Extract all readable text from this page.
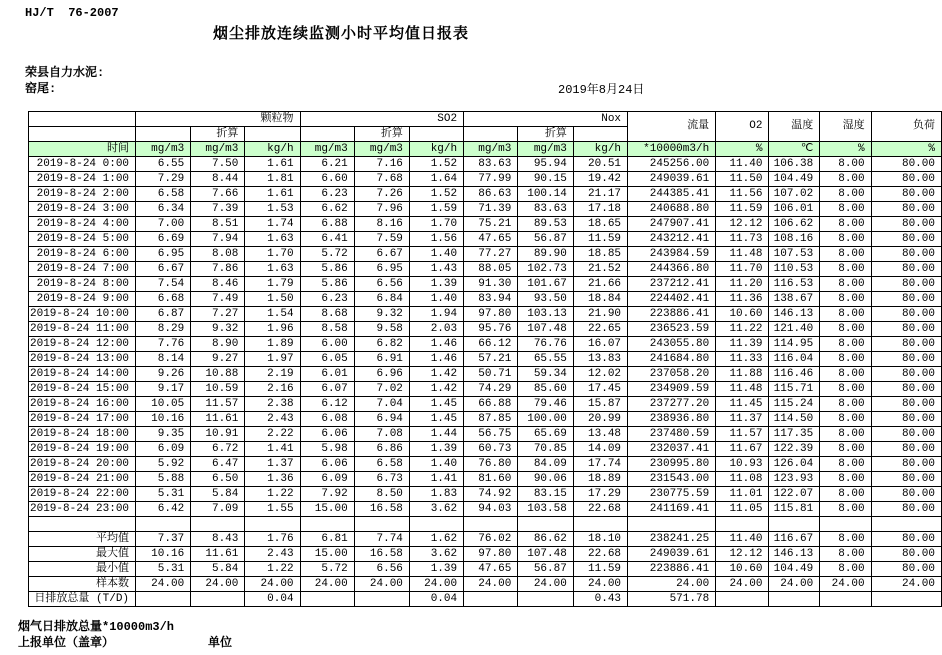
HJ/T  76-2007
烟尘排放连续监测小时平均值日报表
荣县自力水泥:
窑尾:	2019年8月24日
	颗粒物			SO2			Nox			流量	O2	温度	湿度	负荷
		折算			折算			折算						
时间	mg/m3	mg/m3	kg/h	mg/m3	mg/m3	kg/h	mg/m3	mg/m3	kg/h	*10000m3/h	%	℃	%	%
2019-8-24 0:00	6.55	7.50	1.61	6.21	7.16	1.52	83.63	95.94	20.51	245256.00	11.40	106.38	8.00	80.00
2019-8-24 1:00	7.29	8.44	1.81	6.60	7.68	1.64	77.99	90.15	19.42	249039.61	11.50	104.49	8.00	80.00
2019-8-24 2:00	6.58	7.66	1.61	6.23	7.26	1.52	86.63	100.14	21.17	244385.41	11.56	107.02	8.00	80.00
2019-8-24 3:00	6.34	7.39	1.53	6.62	7.96	1.59	71.39	83.63	17.18	240688.80	11.59	106.01	8.00	80.00
2019-8-24 4:00	7.00	8.51	1.74	6.88	8.16	1.70	75.21	89.53	18.65	247907.41	12.12	106.62	8.00	80.00
2019-8-24 5:00	6.69	7.94	1.63	6.41	7.59	1.56	47.65	56.87	11.59	243212.41	11.73	108.16	8.00	80.00
2019-8-24 6:00	6.95	8.08	1.70	5.72	6.67	1.40	77.27	89.90	18.85	243984.59	11.48	107.53	8.00	80.00
2019-8-24 7:00	6.67	7.86	1.63	5.86	6.95	1.43	88.05	102.73	21.52	244366.80	11.70	110.53	8.00	80.00
2019-8-24 8:00	7.54	8.46	1.79	5.86	6.56	1.39	91.30	101.67	21.66	237212.41	11.20	116.53	8.00	80.00
2019-8-24 9:00	6.68	7.49	1.50	6.23	6.84	1.40	83.94	93.50	18.84	224402.41	11.36	138.67	8.00	80.00
2019-8-24 10:00	6.87	7.27	1.54	8.68	9.32	1.94	97.80	103.13	21.90	223886.41	10.60	146.13	8.00	80.00
2019-8-24 11:00	8.29	9.32	1.96	8.58	9.58	2.03	95.76	107.48	22.65	236523.59	11.22	121.40	8.00	80.00
2019-8-24 12:00	7.76	8.90	1.89	6.00	6.82	1.46	66.12	76.76	16.07	243055.80	11.39	114.95	8.00	80.00
2019-8-24 13:00	8.14	9.27	1.97	6.05	6.91	1.46	57.21	65.55	13.83	241684.80	11.33	116.04	8.00	80.00
2019-8-24 14:00	9.26	10.88	2.19	6.01	6.96	1.42	50.71	59.34	12.02	237058.20	11.88	116.46	8.00	80.00
2019-8-24 15:00	9.17	10.59	2.16	6.07	7.02	1.42	74.29	85.60	17.45	234909.59	11.48	115.71	8.00	80.00
2019-8-24 16:00	10.05	11.57	2.38	6.12	7.04	1.45	66.88	79.46	15.87	237277.20	11.45	115.24	8.00	80.00
2019-8-24 17:00	10.16	11.61	2.43	6.08	6.94	1.45	87.85	100.00	20.99	238936.80	11.37	114.50	8.00	80.00
2019-8-24 18:00	9.35	10.91	2.22	6.06	7.08	1.44	56.75	65.69	13.48	237480.59	11.57	117.35	8.00	80.00
2019-8-24 19:00	6.09	6.72	1.41	5.98	6.86	1.39	60.73	70.85	14.09	232037.41	11.67	122.39	8.00	80.00
2019-8-24 20:00	5.92	6.47	1.37	6.06	6.58	1.40	76.80	84.09	17.74	230995.80	10.93	126.04	8.00	80.00
2019-8-24 21:00	5.88	6.50	1.36	6.09	6.73	1.41	81.60	90.06	18.89	231543.00	11.08	123.93	8.00	80.00
2019-8-24 22:00	5.31	5.84	1.22	7.92	8.50	1.83	74.92	83.15	17.29	230775.59	11.01	122.07	8.00	80.00
2019-8-24 23:00	6.42	7.09	1.55	15.00	16.58	3.62	94.03	103.58	22.68	241169.41	11.05	115.81	8.00	80.00

平均值	7.37	8.43	1.76	6.81	7.74	1.62	76.02	86.62	18.10	238241.25	11.40	116.67	8.00	80.00
最大值	10.16	11.61	2.43	15.00	16.58	3.62	97.80	107.48	22.68	249039.61	12.12	146.13	8.00	80.00
最小值	5.31	5.84	1.22	5.72	6.56	1.39	47.65	56.87	11.59	223886.41	10.60	104.49	8.00	80.00
样本数	24.00	24.00	24.00	24.00	24.00	24.00	24.00	24.00	24.00	24.00	24.00	24.00	24.00	24.00

日排放总量 (T/D)			0.04			0.04			0.43	571.78				
烟气日排放总量*10000m3/h
上报单位（盖章）	单位
